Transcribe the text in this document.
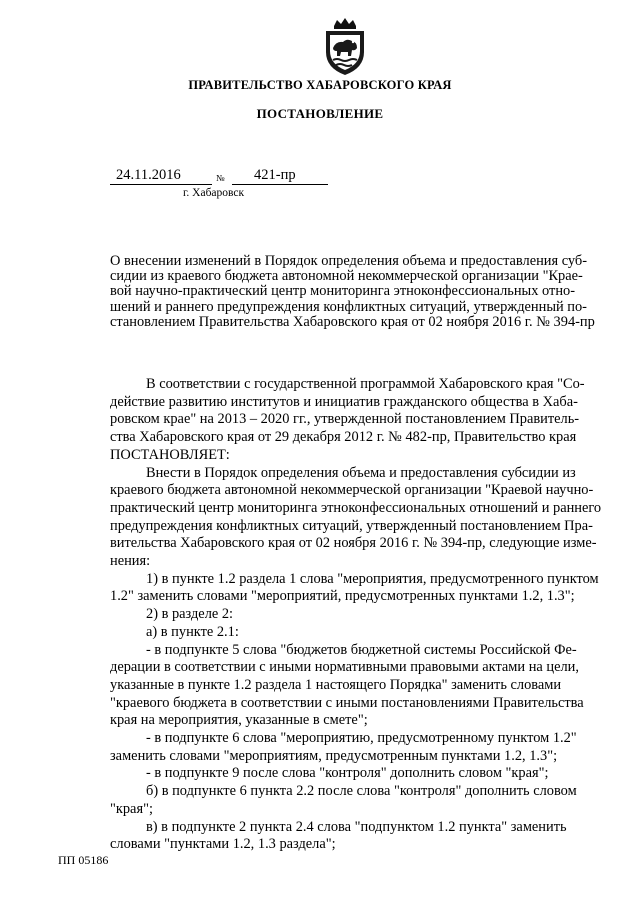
ПРАВИТЕЛЬСТВО ХАБАРОВСКОГО КРАЯ
ПОСТАНОВЛЕНИЕ
24.11.2016	№	421-пр
г. Хабаровск
О внесении изменений в Порядок определения объема и предоставления суб-
сидии из краевого бюджета автономной некоммерческой организации "Крае-
вой научно-практический центр мониторинга этноконфессиональных отно-
шений и раннего предупреждения конфликтных ситуаций, утвержденный по-
становлением Правительства Хабаровского края от 02 ноября 2016 г. № 394-пр
В соответствии с государственной программой Хабаровского края "Со-
действие развитию институтов и инициатив гражданского общества в Хаба-
ровском крае" на 2013 – 2020 гг., утвержденной постановлением Правитель-
ства Хабаровского края от 29 декабря 2012 г. № 482-пр, Правительство края
ПОСТАНОВЛЯЕТ:
Внести в Порядок определения объема и предоставления субсидии из
краевого бюджета автономной некоммерческой организации "Краевой научно-
практический центр мониторинга этноконфессиональных отношений и раннего
предупреждения конфликтных ситуаций, утвержденный постановлением Пра-
вительства Хабаровского края от 02 ноября 2016 г. № 394-пр, следующие изме-
нения:
1) в пункте 1.2 раздела 1 слова "мероприятия, предусмотренного пунктом
1.2" заменить словами "мероприятий, предусмотренных пунктами 1.2, 1.3";
2) в разделе 2:
а) в пункте 2.1:
- в подпункте 5 слова "бюджетов бюджетной системы Российской Фе-
дерации в соответствии с иными нормативными правовыми актами на цели,
указанные в пункте 1.2 раздела 1 настоящего Порядка" заменить словами
"краевого бюджета в соответствии с иными постановлениями Правительства
края на мероприятия, указанные в смете";
- в подпункте 6 слова "мероприятию, предусмотренному пунктом 1.2"
заменить словами "мероприятиям, предусмотренным пунктами 1.2, 1.3";
- в подпункте 9 после слова "контроля" дополнить словом "края";
б) в подпункте 6 пункта 2.2 после слова "контроля" дополнить словом
"края";
в) в подпункте 2 пункта 2.4 слова "подпунктом 1.2 пункта" заменить
словами "пунктами 1.2, 1.3 раздела";
ПП 05186
